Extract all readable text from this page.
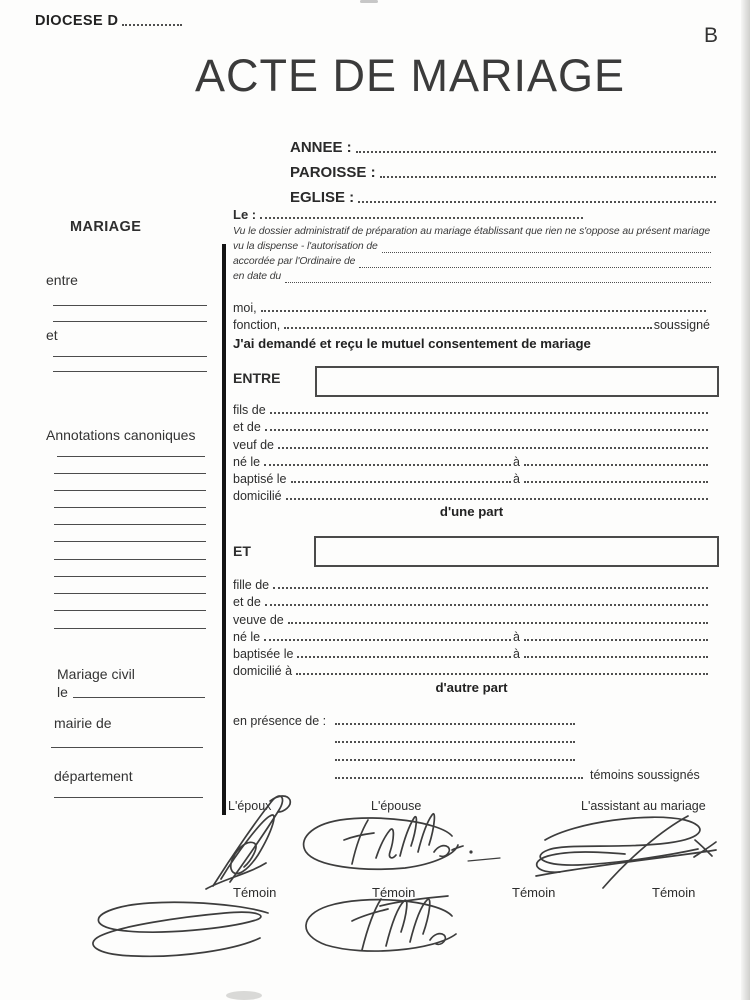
DIOCESE D
B
ACTE DE MARIAGE
ANNEE :
PAROISSE :
EGLISE :
MARIAGE
entre
et
Annotations canoniques
Mariage civil
le
mairie de
département
Le :
Vu le dossier administratif de préparation au mariage établissant que rien ne s'oppose au présent mariage
vu la dispense - l'autorisation de
accordée par l'Ordinaire de
en date du
moi,
fonction,	soussigné
J'ai demandé et reçu le mutuel consentement de mariage
ENTRE
fils de
et de
veuf de
né le	à
baptisé le	à
domicilié
d'une part
ET
fille de
et de
veuve de
né le	à
baptisée le	à
domicilié à
d'autre part
en présence de :
témoins soussignés
L'époux	L'épouse	L'assistant au mariage
Témoin	Témoin	Témoin	Témoin
